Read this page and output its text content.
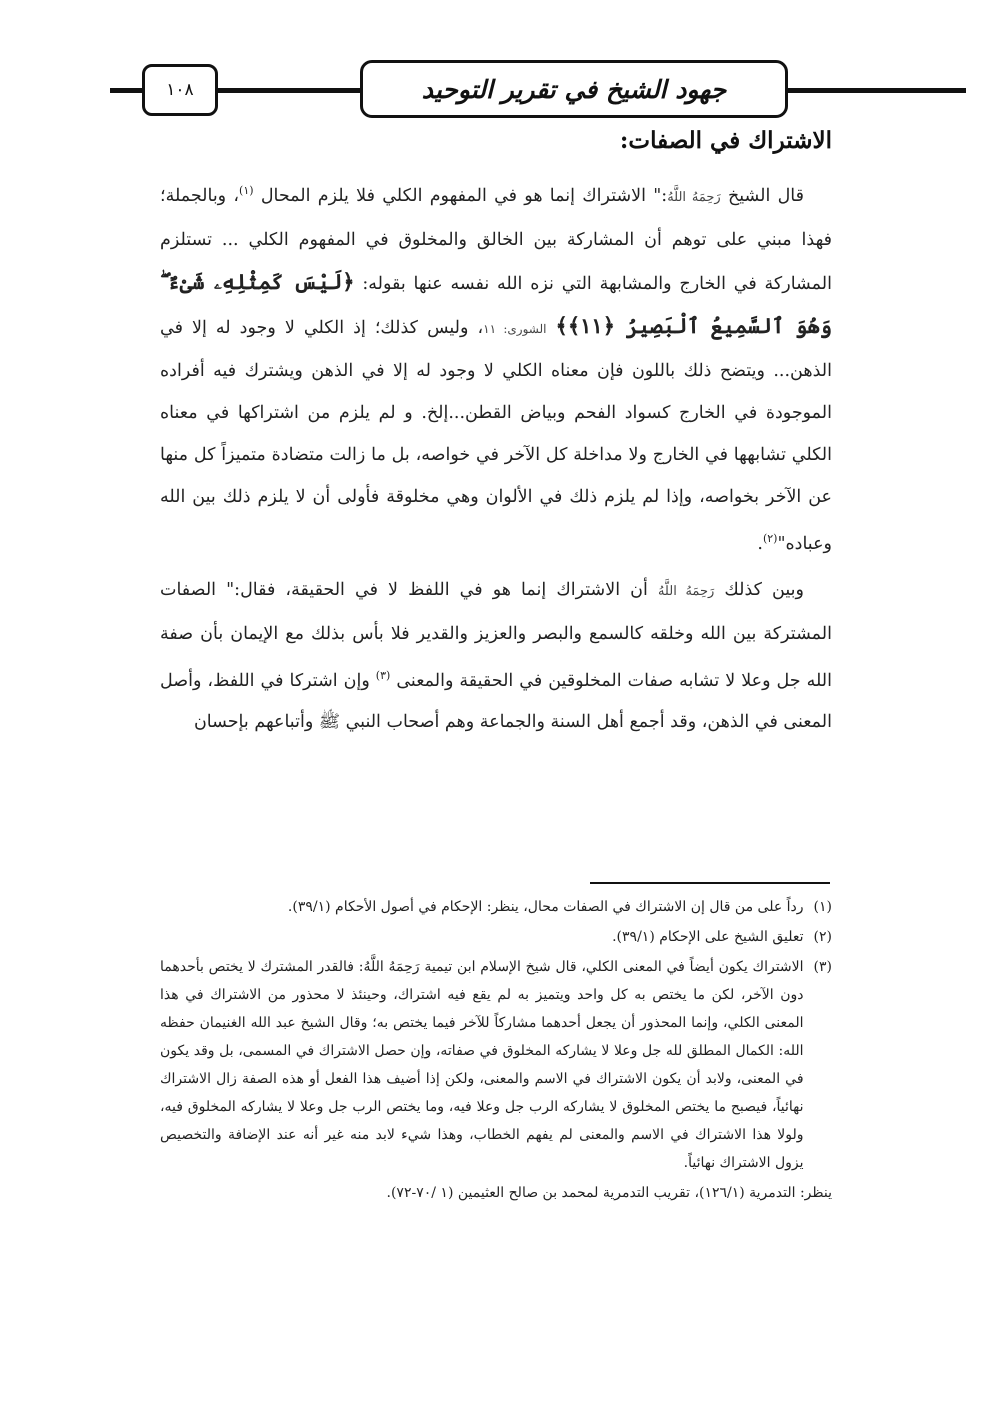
١٠٨	جهود الشيخ في تقرير التوحيد
الاشتراك في الصفات:

قال الشيخ رَحِمَهُ اللَّهُ:" الاشتراك إنما هو في المفهوم الكلي فلا يلزم المحال $^{(١)}$، وبالجملة؛ فهذا مبني على توهم أن المشاركة بين الخالق والمخلوق في المفهوم الكلي ... تستلزم المشاركة في الخارج والمشابهة التي نزه الله نفسه عنها بقوله: ﴿لَيْسَ كَمِثْلِهِۦ شَىْءٌ ۖ وَهُوَ ٱلسَّمِيعُ ٱلْبَصِيرُ ﴿١١﴾﴾ الشورى: ١١، وليس كذلك؛ إذ الكلي لا وجود له إلا في الذهن... ويتضح ذلك باللون فإن معناه الكلي لا وجود له إلا في الذهن ويشترك فيه أفراده الموجودة في الخارج كسواد الفحم وبياض القطن...إلخ. و لم يلزم من اشتراكها في معناه الكلي تشابهها في الخارج ولا مداخلة كل الآخر في خواصه، بل ما زالت متضادة متميزاً كل منها عن الآخر بخواصه، وإذا لم يلزم ذلك في الألوان وهي مخلوقة فأولى أن لا يلزم ذلك بين الله وعباده"$^{(٢)}$.

وبين كذلك رَحِمَهُ اللَّهُ أن الاشتراك إنما هو في اللفظ لا في الحقيقة، فقال:" الصفات المشتركة بين الله وخلقه كالسمع والبصر والعزيز والقدير فلا بأس بذلك مع الإيمان بأن صفة الله جل وعلا لا تشابه صفات المخلوقين في الحقيقة والمعنى $^{(٣)}$ وإن اشتركا في اللفظ، وأصل المعنى في الذهن، وقد أجمع أهل السنة والجماعة وهم أصحاب النبي ﷺ وأتباعهم بإحسان

(١)
رداً على من قال إن الاشتراك في الصفات محال، ينظر: الإحكام في أصول الأحكام (٣٩/١).
(٢)
تعليق الشيخ على الإحكام (٣٩/١).
(٣)
الاشتراك يكون أيضاً في المعنى الكلي، قال شيخ الإسلام ابن تيمية رَحِمَهُ اللَّهُ: فالقدر المشترك لا يختص بأحدهما دون الآخر، لكن ما يختص به كل واحد ويتميز به لم يقع فيه اشتراك، وحينئذ لا محذور من الاشتراك في هذا المعنى الكلي، وإنما المحذور أن يجعل أحدهما مشاركاً للآخر فيما يختص به؛ وقال الشيخ عبد الله الغنيمان حفظه الله: الكمال المطلق لله جل وعلا لا يشاركه المخلوق في صفاته، وإن حصل الاشتراك في المسمى، بل وقد يكون في المعنى، ولابد أن يكون الاشتراك في الاسم والمعنى، ولكن إذا أضيف هذا الفعل أو هذه الصفة زال الاشتراك نهائياً، فيصبح ما يختص المخلوق لا يشاركه الرب جل وعلا فيه، وما يختص الرب جل وعلا لا يشاركه المخلوق فيه، ولولا هذا الاشتراك في الاسم والمعنى لم يفهم الخطاب، وهذا شيء لابد منه غير أنه عند الإضافة والتخصيص يزول الاشتراك نهائياً.
ينظر: التدمرية (١٢٦/١)، تقريب التدمرية لمحمد بن صالح العثيمين (١ /٧٠-٧٢).
